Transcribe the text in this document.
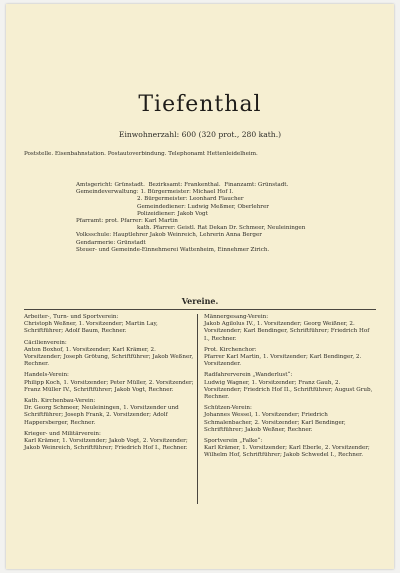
Tiefenthal
Einwohnerzahl: 600 (320 prot., 280 kath.)
Poststelle. Eisenbahnstation. Postautoverbindung. Telephonamt Hettenleidelheim.
Amtsgericht: Grünstadt. Bezirksamt: Frankenthal. Finanzamt: Grünstadt.
Gemeindeverwaltung: 1. Bürgermeister: Michael Hof I.
2. Bürgermeister: Leonhard Flaucher
Gemeindediener: Ludwig Meßmer, Oberlehrer
Polizeidiener: Jakob Vogt
Pfarramt: prot. Pfarrer: Karl Martin
kath. Pfarrer: Geistl. Rat Dekan Dr. Schmeer, Neuleiningen
Volksschule: Hauptlehrer Jakob Weinreich, Lehrerin Anna Berger
Gendarmerie: Grünstadt
Steuer- und Gemeinde-Einnehmerei Wattenheim, Einnehmer Zirich.
Vereine.
Arbeiter-, Turn- und Sportverein:
Christoph Weßner, 1. Vorsitzender; Martin Lay, Schriftführer; Adolf Baum, Rechner.
Cäcilienverein:
Anton Boxhof, 1. Vorsitzender; Karl Krämer, 2. Vorsitzender; Joseph Grötung, Schriftführer; Jakob Weßner, Rechner.
Handels-Verein:
Philipp Koch, 1. Vorsitzender; Peter Müller, 2. Vorsitzender; Franz Müller IV., Schriftführer; Jakob Vogt, Rechner.
Kath. Kirchenbau-Verein:
Dr. Georg Schmeer, Neuleiningen, 1. Vorsitzender und Schriftführer; Joseph Frank, 2. Vorsitzender; Adolf Happersberger, Rechner.
Krieger- und Militärverein:
Karl Krämer, 1. Vorsitzender; Jakob Vogt, 2. Vorsitzender; Jakob Weinreich, Schriftführer; Friedrich Hof I., Rechner.
Männergesang-Verein:
Jakob Agilolus IV., 1. Vorsitzender; Georg Weißner, 2. Vorsitzender; Karl Bendinger, Schriftführer; Friedrich Hof I., Rechner.
Prot. Kirchenchor:
Pfarrer Karl Martin, 1. Vorsitzender; Karl Bendinger, 2. Vorsitzender.
Radfahrerverein „Wanderlust“:
Ludwig Wagner, 1. Vorsitzender; Franz Gauh, 2. Vorsitzender; Friedrich Hof II., Schriftführer; August Grub, Rechner.
Schützen-Verein:
Johannes Wessel, 1. Vorsitzender; Friedrich Schmalenbacher, 2. Vorsitzender; Karl Bendinger, Schriftführer; Jakob Weßner, Rechner.
Sportverein „Falke“:
Karl Krämer, 1. Vorsitzender; Karl Eberle, 2. Vorsitzender; Wilhelm Hof, Schriftführer; Jakob Schwedel I., Rechner.
